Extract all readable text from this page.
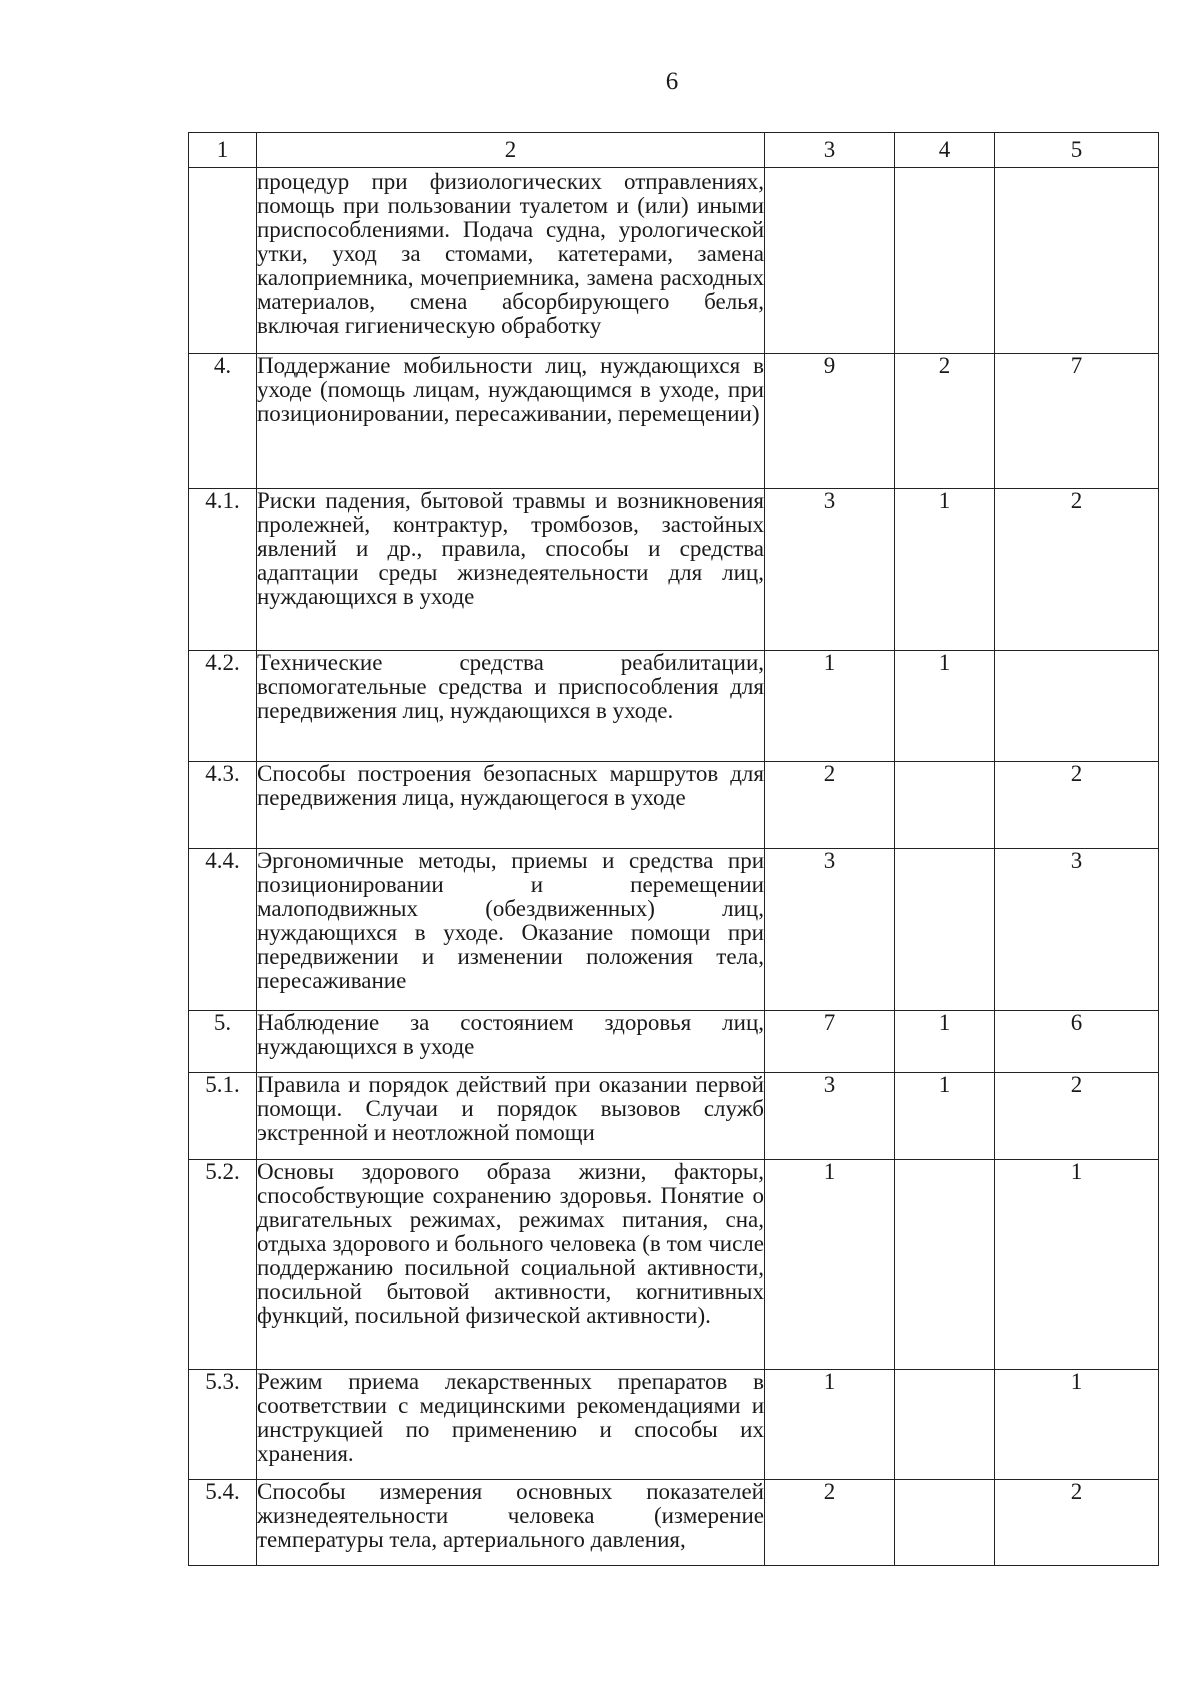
6
1	2	3	4	5
	процедур при физиологических отправлениях, помощь при пользовании туалетом и (или) иными приспособлениями. Подача судна, урологической утки, уход за стомами, катетерами, замена калоприемника, мочеприемника, замена расходных материалов, смена абсорбирующего белья, включая гигиеническую обработку			
4.	Поддержание мобильности лиц, нуждающихся в уходе (помощь лицам, нуждающимся в уходе, при позиционировании, пересаживании, перемещении)	9	2	7
4.1.	Риски падения, бытовой травмы и возникновения пролежней, контрактур, тромбозов, застойных явлений и др., правила, способы и средства адаптации среды жизнедеятельности для лиц, нуждающихся в уходе	3	1	2
4.2.	Технические средства реабилитации, вспомогательные средства и приспособления для передвижения лиц, нуждающихся в уходе.	1	1	
4.3.	Способы построения безопасных маршрутов для передвижения лица, нуждающегося в уходе	2		2
4.4.	Эргономичные методы, приемы и средства при позиционировании и перемещении малоподвижных (обездвиженных) лиц, нуждающихся в уходе. Оказание помощи при передвижении и изменении положения тела, пересаживание	3		3
5.	Наблюдение за состоянием здоровья лиц, нуждающихся в уходе	7	1	6
5.1.	Правила и порядок действий при оказании первой помощи. Случаи и порядок вызовов служб экстренной и неотложной помощи	3	1	2
5.2.	Основы здорового образа жизни, факторы, способствующие сохранению здоровья. Понятие о двигательных режимах, режимах питания, сна, отдыха здорового и больного человека (в том числе поддержанию посильной социальной активности, посильной бытовой активности, когнитивных функций, посильной физической активности).	1		1
5.3.	Режим приема лекарственных препаратов в соответствии с медицинскими рекомендациями и инструкцией по применению и способы их хранения.	1		1
5.4.	Способы измерения основных показателей жизнедеятельности человека (измерение температуры тела, артериального давления,	2		2
